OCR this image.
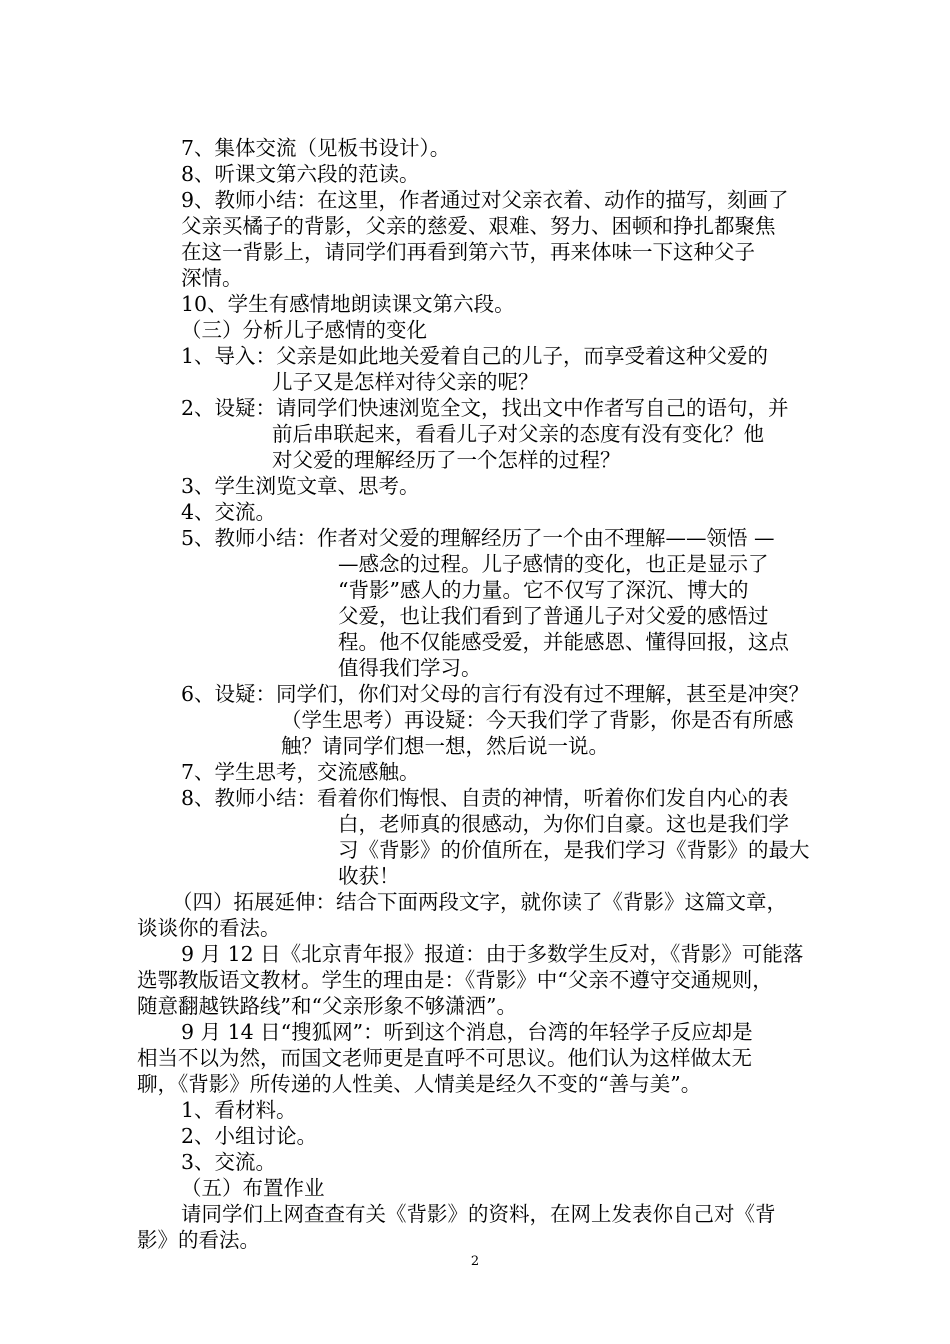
7、集体交流（见板书设计）。
8、听课文第六段的范读。
9、教师小结：在这里，作者通过对父亲衣着、动作的描写，刻画了
父亲买橘子的背影，父亲的慈爱、艰难、努力、困顿和挣扎都聚焦
在这一背影上，请同学们再看到第六节，再来体味一下这种父子
深情。
10、学生有感情地朗读课文第六段。
（三）分析儿子感情的变化
1、导入：父亲是如此地关爱着自己的儿子，而享受着这种父爱的
儿子又是怎样对待父亲的呢？
2、设疑：请同学们快速浏览全文，找出文中作者写自己的语句，并
前后串联起来，看看儿子对父亲的态度有没有变化？他
对父爱的理解经历了一个怎样的过程？
3、学生浏览文章、思考。
4、交流。
5、教师小结：作者对父爱的理解经历了一个由不理解——领悟 —
—感念的过程。儿子感情的变化，也正是显示了
“背影”感人的力量。它不仅写了深沉、博大的
父爱，也让我们看到了普通儿子对父爱的感悟过
程。他不仅能感受爱，并能感恩、懂得回报，这点
值得我们学习。
6、设疑：同学们，你们对父母的言行有没有过不理解，甚至是冲突？
（学生思考）再设疑：今天我们学了背影，你是否有所感
触？请同学们想一想，然后说一说。
7、学生思考，交流感触。
8、教师小结：看着你们悔恨、自责的神情，听着你们发自内心的表
白，老师真的很感动，为你们自豪。这也是我们学
习《背影》的价值所在，是我们学习《背影》的最大
收获！
（四）拓展延伸：结合下面两段文字，就你读了《背影》这篇文章，
谈谈你的看法。
9 月 12 日《北京青年报》报道：由于多数学生反对，《背影》可能落
选鄂教版语文教材。学生的理由是：《背影》中“父亲不遵守交通规则，
随意翻越铁路线”和“父亲形象不够潇洒”。
9 月 14 日“搜狐网”：听到这个消息，台湾的年轻学子反应却是
相当不以为然，而国文老师更是直呼不可思议。他们认为这样做太无
聊，《背影》所传递的人性美、人情美是经久不变的“善与美”。
1、看材料。
2、小组讨论。
3、交流。
（五）布置作业
请同学们上网查查有关《背影》的资料，在网上发表你自己对《背
影》的看法。
2
